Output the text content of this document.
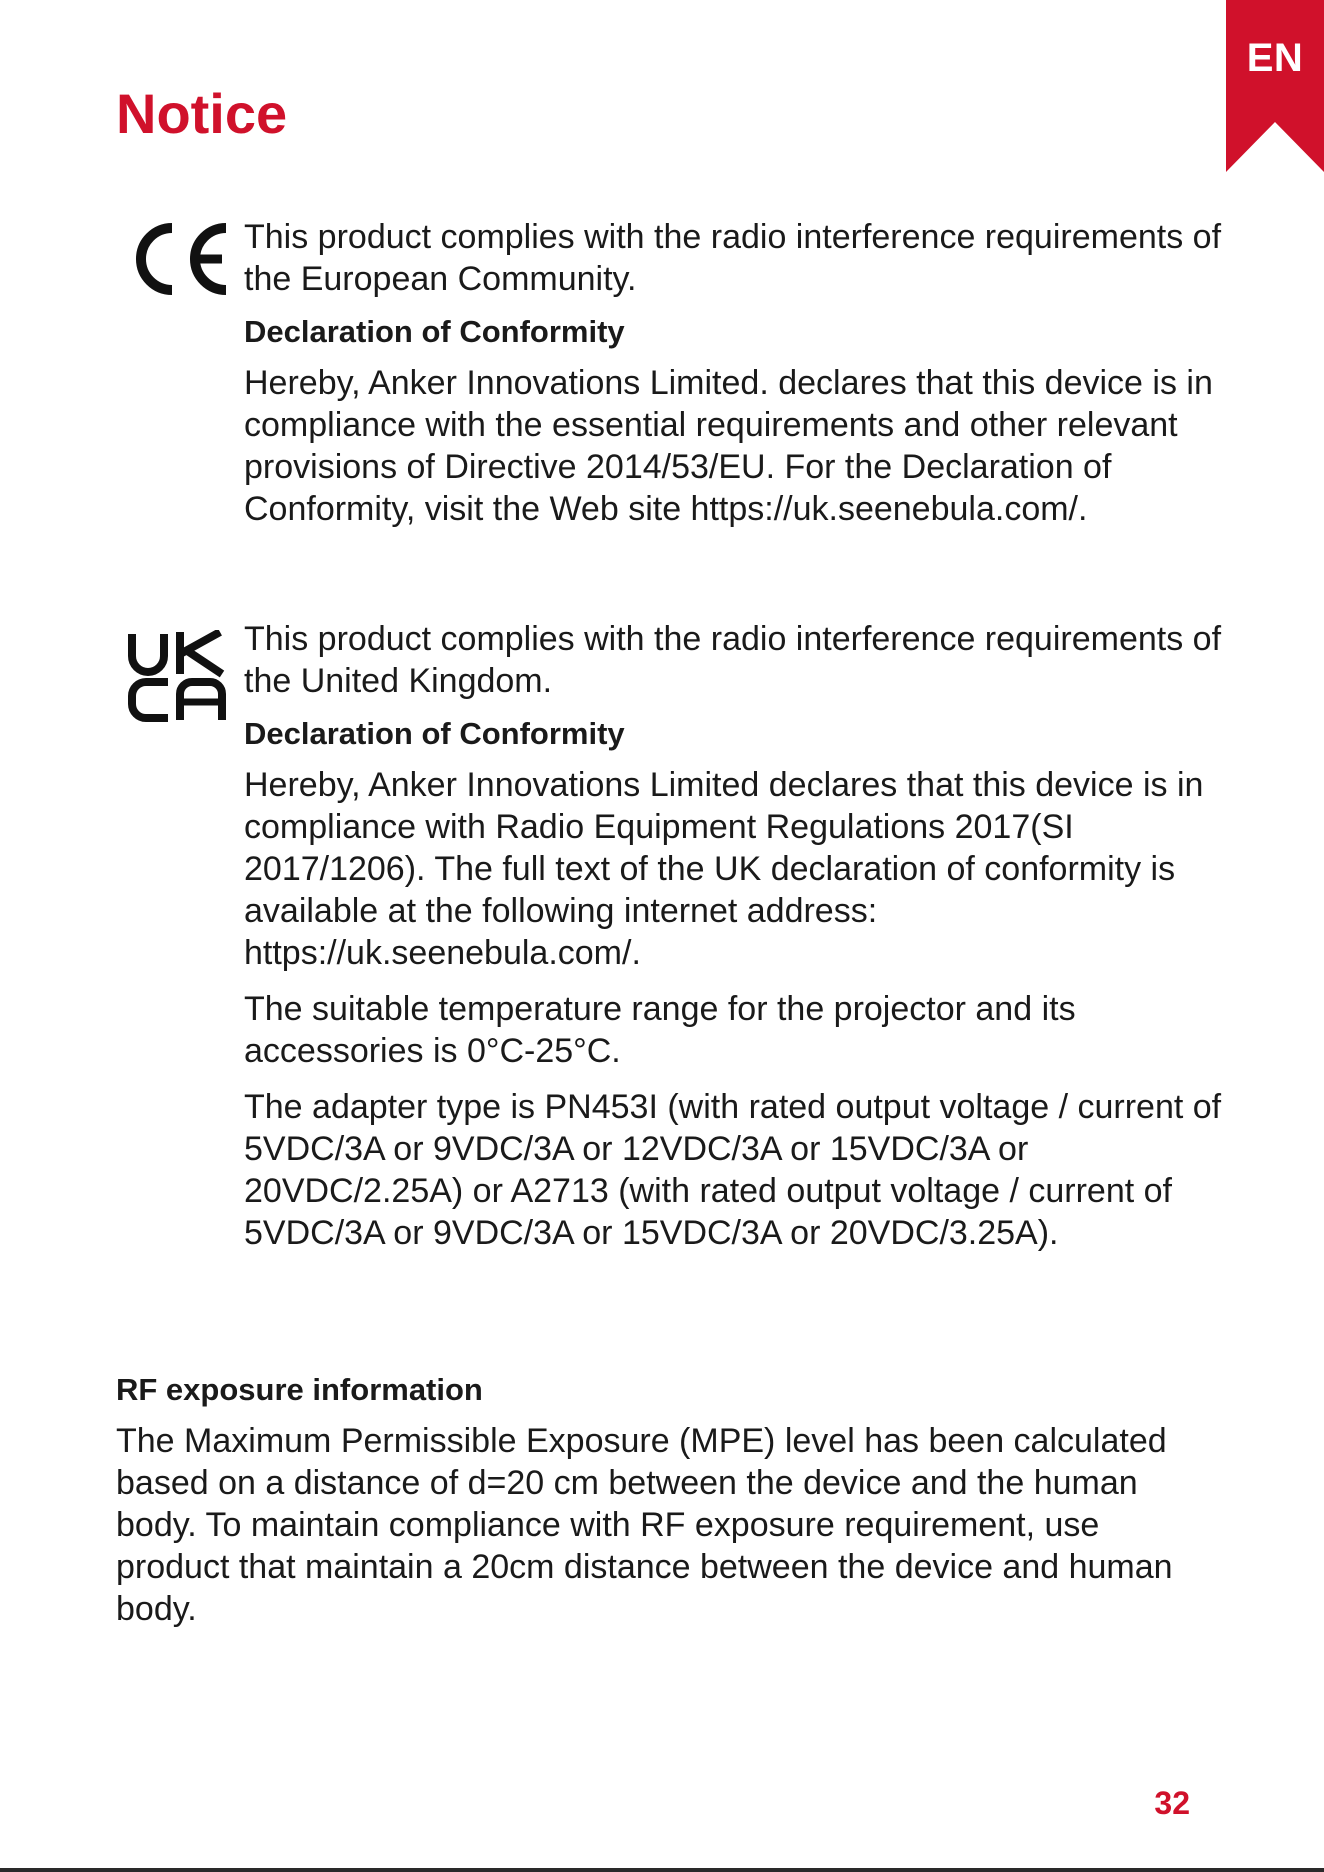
EN
Notice

This product complies with the radio interference requirements of the European Community.

Declaration of Conformity

Hereby, Anker Innovations Limited. declares that this device is in compliance with the essential requirements and other relevant provisions of Directive 2014/53/EU. For the Declaration of Conformity, visit the Web site https://uk.seenebula.com/.

This product complies with the radio interference requirements of the United Kingdom.

Declaration of Conformity

Hereby, Anker Innovations Limited declares that this device is in compliance with Radio Equipment Regulations 2017(SI 2017/1206). The full text of the UK declaration of conformity is available at the following internet address: https://uk.seenebula.com/.

The suitable temperature range for the projector and its accessories is 0°C-25°C.

The adapter type is PN453I (with rated output voltage / current of 5VDC/3A or 9VDC/3A or 12VDC/3A or 15VDC/3A or 20VDC/2.25A) or A2713 (with rated output voltage / current of 5VDC/3A or 9VDC/3A or 15VDC/3A or 20VDC/3.25A).

RF exposure information

The Maximum Permissible Exposure (MPE) level has been calculated based on a distance of d=20 cm between the device and the human body. To maintain compliance with RF exposure requirement, use product that maintain a 20cm distance between the device and human body.

32
